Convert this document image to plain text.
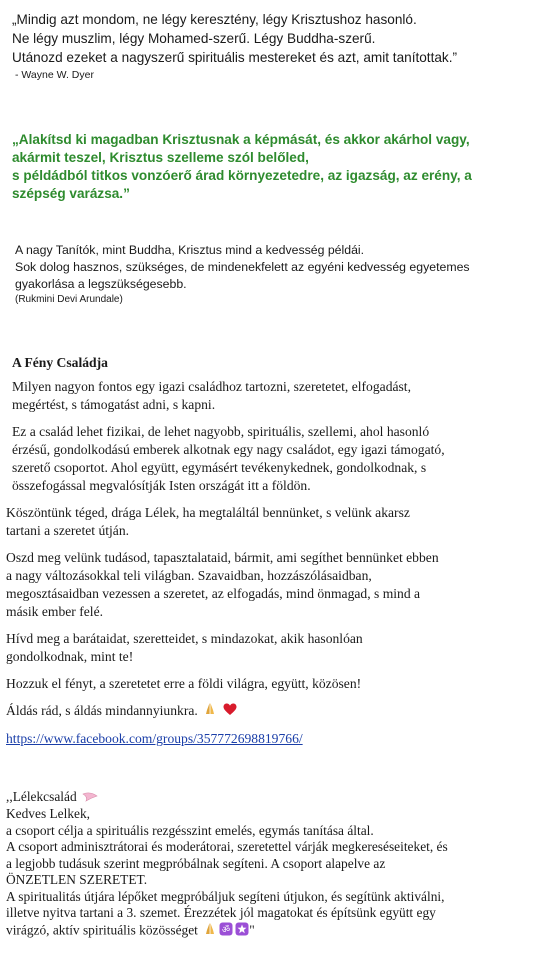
„Mindig azt mondom, ne légy keresztény, légy Krisztushoz hasonló.
Ne légy muszlim, légy Mohamed-szerű. Légy Buddha-szerű.
Utánozd ezeket a nagyszerű spirituális mestereket és azt, amit tanítottak.”
- Wayne W. Dyer
„Alakítsd ki magadban Krisztusnak a képmását, és akkor akárhol vagy,
akármit teszel, Krisztus szelleme szól belőled,
s példádból titkos vonzóerő árad környezetedre, az igazság, az erény, a
szépség varázsa.”
A nagy Tanítók, mint Buddha, Krisztus mind a kedvesség példái.
Sok dolog hasznos, szükséges, de mindenekfelett az egyéni kedvesség egyetemes
gyakorlása a legszükségesebb.
(Rukmini Devi Arundale)
A Fény Családja

Milyen nagyon fontos egy igazi családhoz tartozni, szeretetet, elfogadást,
megértést, s támogatást adni, s kapni.

Ez a család lehet fizikai, de lehet nagyobb, spirituális, szellemi, ahol hasonló
érzésű, gondolkodású emberek alkotnak egy nagy családot, egy igazi támogató,
szerető csoportot. Ahol együtt, egymásért tevékenykednek, gondolkodnak, s
összefogással megvalósítják Isten országát itt a földön.

Köszöntünk téged, drága Lélek, ha megtaláltál bennünket, s velünk akarsz
tartani a szeretet útján.

Oszd meg velünk tudásod, tapasztalataid, bármit, ami segíthet bennünket ebben
a nagy változásokkal teli világban. Szavaidban, hozzászólásaidban,
megosztásaidban vezessen a szeretet, az elfogadás, mind önmagad, s mind a
másik ember felé.

Hívd meg a barátaidat, szeretteidet, s mindazokat, akik hasonlóan
gondolkodnak, mint te!

Hozzuk el fényt, a szeretetet erre a földi világra, együtt, közösen!

Áldás rád, s áldás mindannyiunkra.

https://www.facebook.com/groups/357772698819766/

,,Lélekcsalád
Kedves Lelkek,
a csoport célja a spirituális rezgésszint emelés, egymás tanítása által.
A csoport adminisztrátorai és moderátorai, szeretettel várják megkereséseiteket, és
a legjobb tudásuk szerint megpróbálnak segíteni. A csoport alapelve az
ÖNZETLEN SZERETET.
A spiritualitás útjára lépőket megpróbáljuk segíteni útjukon, és segítünk aktiválni,
illetve nyitva tartani a 3. szemet. Érezzétek jól magatokat és építsünk együtt egy
virágzó, aktív spirituális közösséget	ॐ "
